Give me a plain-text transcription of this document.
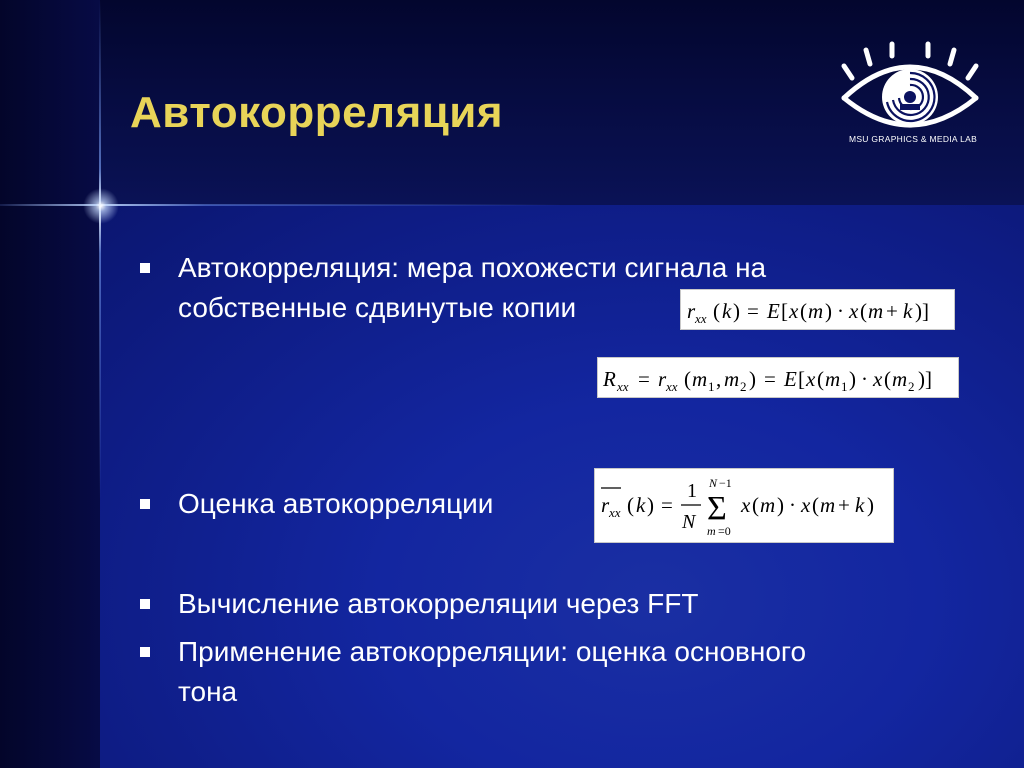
Автокорреляция
MSU GRAPHICS & MEDIA LAB
Автокорреляция: мера похожести сигнала на
собственные сдвинутые копии
Оценка автокорреляции
Вычисление автокорреляции через FFT
Применение автокорреляции: оценка основного
тона
r xx ( k ) = E [ x ( m ) · x ( m + k )]
R xx = r xx ( m 1 , m 2 ) = E [ x ( m 1 ) · x ( m 2 )]
r xx ( k ) =
1
N
N −1
Σ
m =0
x ( m ) · x ( m + k )
